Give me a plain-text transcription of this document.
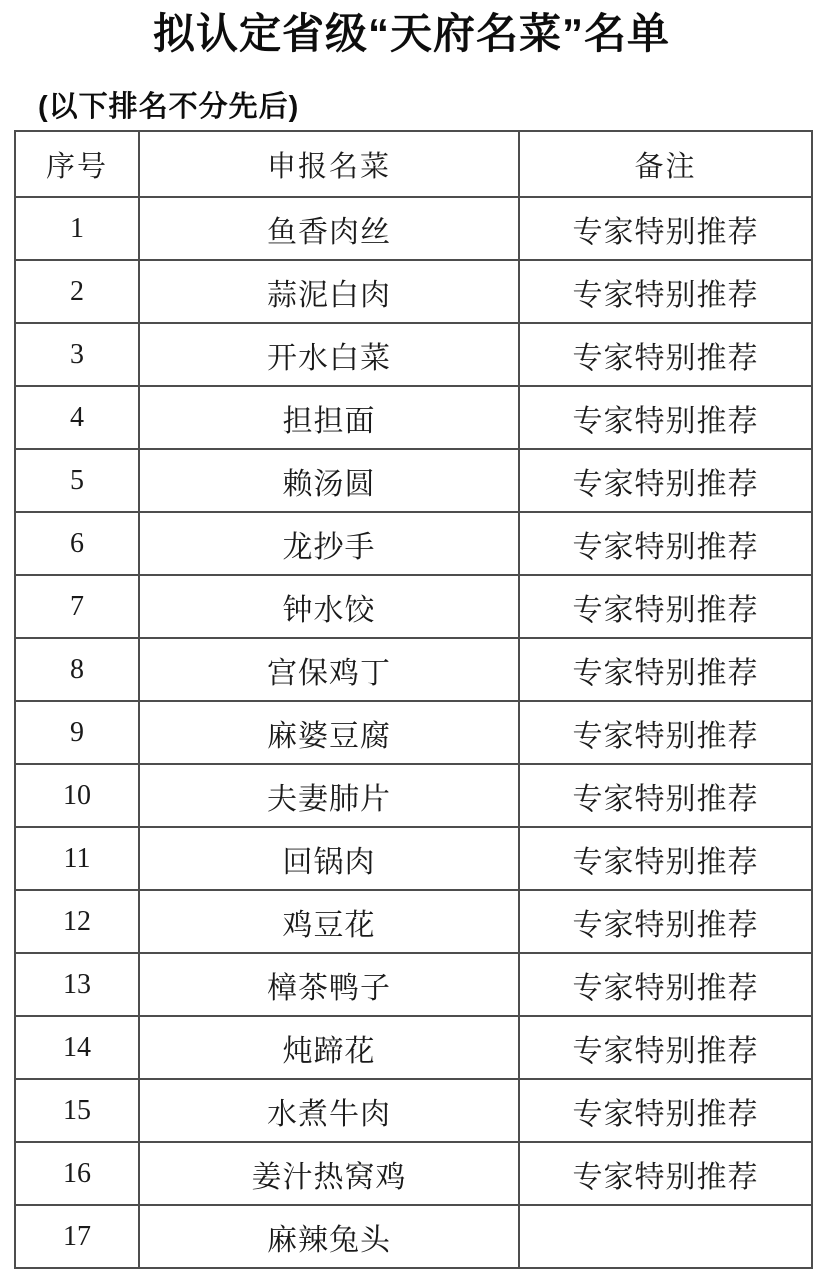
拟认定省级“天府名菜”名单
(以下排名不分先后)
序号	申报名菜	备注
1	鱼香肉丝	专家特别推荐
2	蒜泥白肉	专家特别推荐
3	开水白菜	专家特别推荐
4	担担面	专家特别推荐
5	赖汤圆	专家特别推荐
6	龙抄手	专家特别推荐
7	钟水饺	专家特别推荐
8	宫保鸡丁	专家特别推荐
9	麻婆豆腐	专家特别推荐
10	夫妻肺片	专家特别推荐
11	回锅肉	专家特别推荐
12	鸡豆花	专家特别推荐
13	樟茶鸭子	专家特别推荐
14	炖蹄花	专家特别推荐
15	水煮牛肉	专家特别推荐
16	姜汁热窝鸡	专家特别推荐
17	麻辣兔头	
